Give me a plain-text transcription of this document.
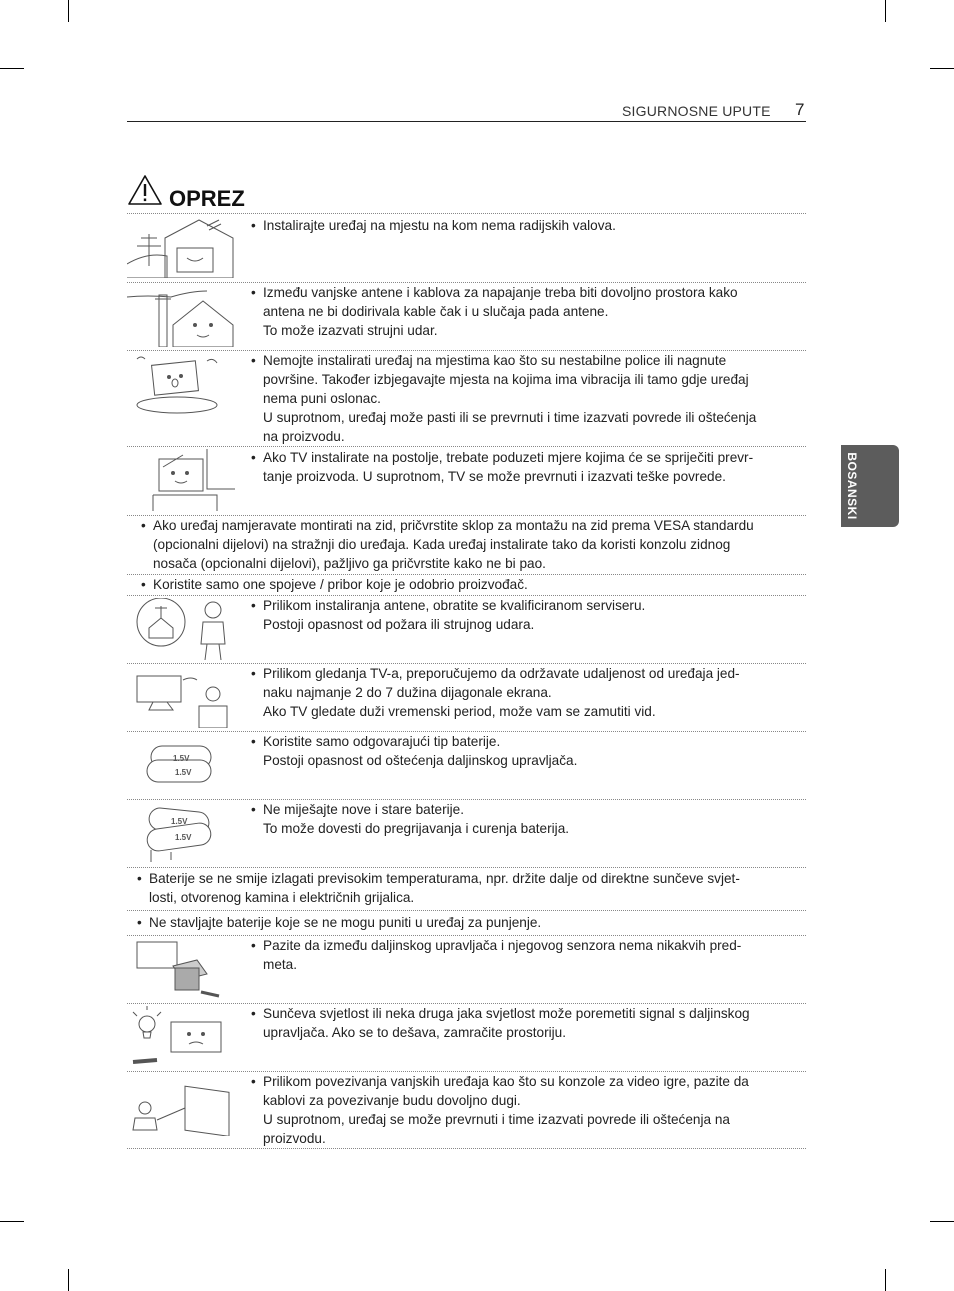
SIGURNOSNE UPUTE 7
BOSANSKI
OPREZ
• Instalirajte uređaj na mjestu na kom nema radijskih valova.
• Između vanjske antene i kablova za napajanje treba biti dovoljno prostora kako
antena ne bi dodirivala kable čak i u slučaja pada antene.
To može izazvati strujni udar.
• Nemojte instalirati uređaj na mjestima kao što su nestabilne police ili nagnute
površine. Također izbjegavajte mjesta na kojima ima vibracija ili tamo gdje uređaj
nema puni oslonac.
U suprotnom, uređaj može pasti ili se prevrnuti i time izazvati povrede ili oštećenja
na proizvodu.
• Ako TV instalirate na postolje, trebate poduzeti mjere kojima će se spriječiti prevr-
tanje proizvoda. U suprotnom, TV se može prevrnuti i izazvati teške povrede.
• Ako uređaj namjeravate montirati na zid, pričvrstite sklop za montažu na zid prema VESA standardu
(opcionalni dijelovi) na stražnji dio uređaja. Kada uređaj instalirate tako da koristi konzolu zidnog
nosača (opcionalni dijelovi), pažljivo ga pričvrstite kako ne bi pao.
• Koristite samo one spojeve / pribor koje je odobrio proizvođač.
• Prilikom instaliranja antene, obratite se kvalificiranom serviseru.
Postoji opasnost od požara ili strujnog udara.
• Prilikom gledanja TV-a, preporučujemo da održavate udaljenost od uređaja jed-
naku najmanje 2 do 7 dužina dijagonale ekrana.
Ako TV gledate duži vremenski period, može vam se zamutiti vid.
1.5V
1.5V
• Koristite samo odgovarajući tip baterije.
Postoji opasnost od oštećenja daljinskog upravljača.
1.5V
1.5V
• Ne miješajte nove i stare baterije.
To može dovesti do pregrijavanja i curenja baterija.
• Baterije se ne smije izlagati previsokim temperaturama, npr. držite dalje od direktne sunčeve svjet-
losti, otvorenog kamina i električnih grijalica.
• Ne stavljajte baterije koje se ne mogu puniti u uređaj za punjenje.
• Pazite da između daljinskog upravljača i njegovog senzora nema nikakvih pred-
meta.
• Sunčeva svjetlost ili neka druga jaka svjetlost može poremetiti signal s daljinskog
upravljača. Ako se to dešava, zamračite prostoriju.
• Prilikom povezivanja vanjskih uređaja kao što su konzole za video igre, pazite da
kablovi za povezivanje budu dovoljno dugi.
U suprotnom, uređaj se može prevrnuti i time izazvati povrede ili oštećenja na
proizvodu.
